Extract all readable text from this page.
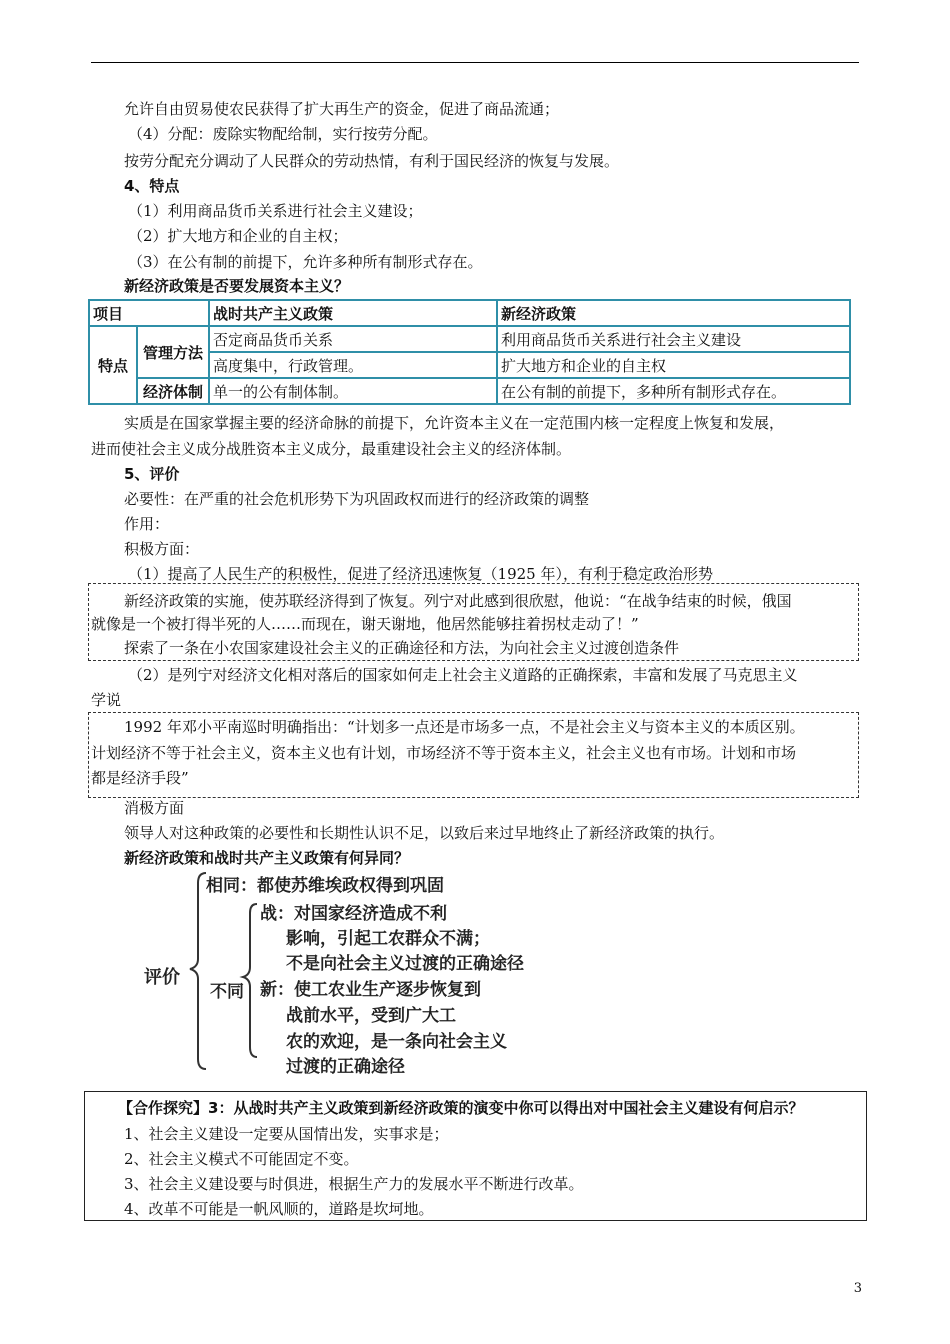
允许自由贸易使农民获得了扩大再生产的资金，促进了商品流通；
（4）分配：废除实物配给制，实行按劳分配。
按劳分配充分调动了人民群众的劳动热情，有利于国民经济的恢复与发展。
4、特点
（1）利用商品货币关系进行社会主义建设；
（2）扩大地方和企业的自主权；
（3）在公有制的前提下，允许多种所有制形式存在。
新经济政策是否要发展资本主义？
项目		战时共产主义政策	新经济政策
特点	管理方法	否定商品货币关系	利用商品货币关系进行社会主义建设
		高度集中，行政管理。	扩大地方和企业的自主权
	经济体制	单一的公有制体制。	在公有制的前提下，多种所有制形式存在。
实质是在国家掌握主要的经济命脉的前提下，允许资本主义在一定范围内核一定程度上恢复和发展，
进而使社会主义成分战胜资本主义成分，最重建设社会主义的经济体制。
5、评价
必要性：在严重的社会危机形势下为巩固政权而进行的经济政策的调整
作用：
积极方面：
（1）提高了人民生产的积极性，促进了经济迅速恢复（1925 年），有利于稳定政治形势
新经济政策的实施，使苏联经济得到了恢复。列宁对此感到很欣慰，他说：“在战争结束的时候，俄国
就像是一个被打得半死的人……而现在，谢天谢地，他居然能够拄着拐杖走动了！”
探索了一条在小农国家建设社会主义的正确途径和方法，为向社会主义过渡创造条件
（2）是列宁对经济文化相对落后的国家如何走上社会主义道路的正确探索，丰富和发展了马克思主义
学说
1992 年邓小平南巡时明确指出：“计划多一点还是市场多一点，不是社会主义与资本主义的本质区别。
计划经济不等于社会主义，资本主义也有计划，市场经济不等于资本主义，社会主义也有市场。计划和市场
都是经济手段”
消极方面
领导人对这种政策的必要性和长期性认识不足，以致后来过早地终止了新经济政策的执行。
新经济政策和战时共产主义政策有何异同？
评价
相同：都使苏维埃政权得到巩固
不同
战：对国家经济造成不利
影响，引起工农群众不满；
不是向社会主义过渡的正确途径
新：使工农业生产逐步恢复到
战前水平，受到广大工
农的欢迎，是一条向社会主义
过渡的正确途径
【合作探究】3：从战时共产主义政策到新经济政策的演变中你可以得出对中国社会主义建设有何启示？
1、社会主义建设一定要从国情出发，实事求是；
2、社会主义模式不可能固定不变。
3、社会主义建设要与时俱进，根据生产力的发展水平不断进行改革。
4、改革不可能是一帆风顺的，道路是坎坷地。
3
